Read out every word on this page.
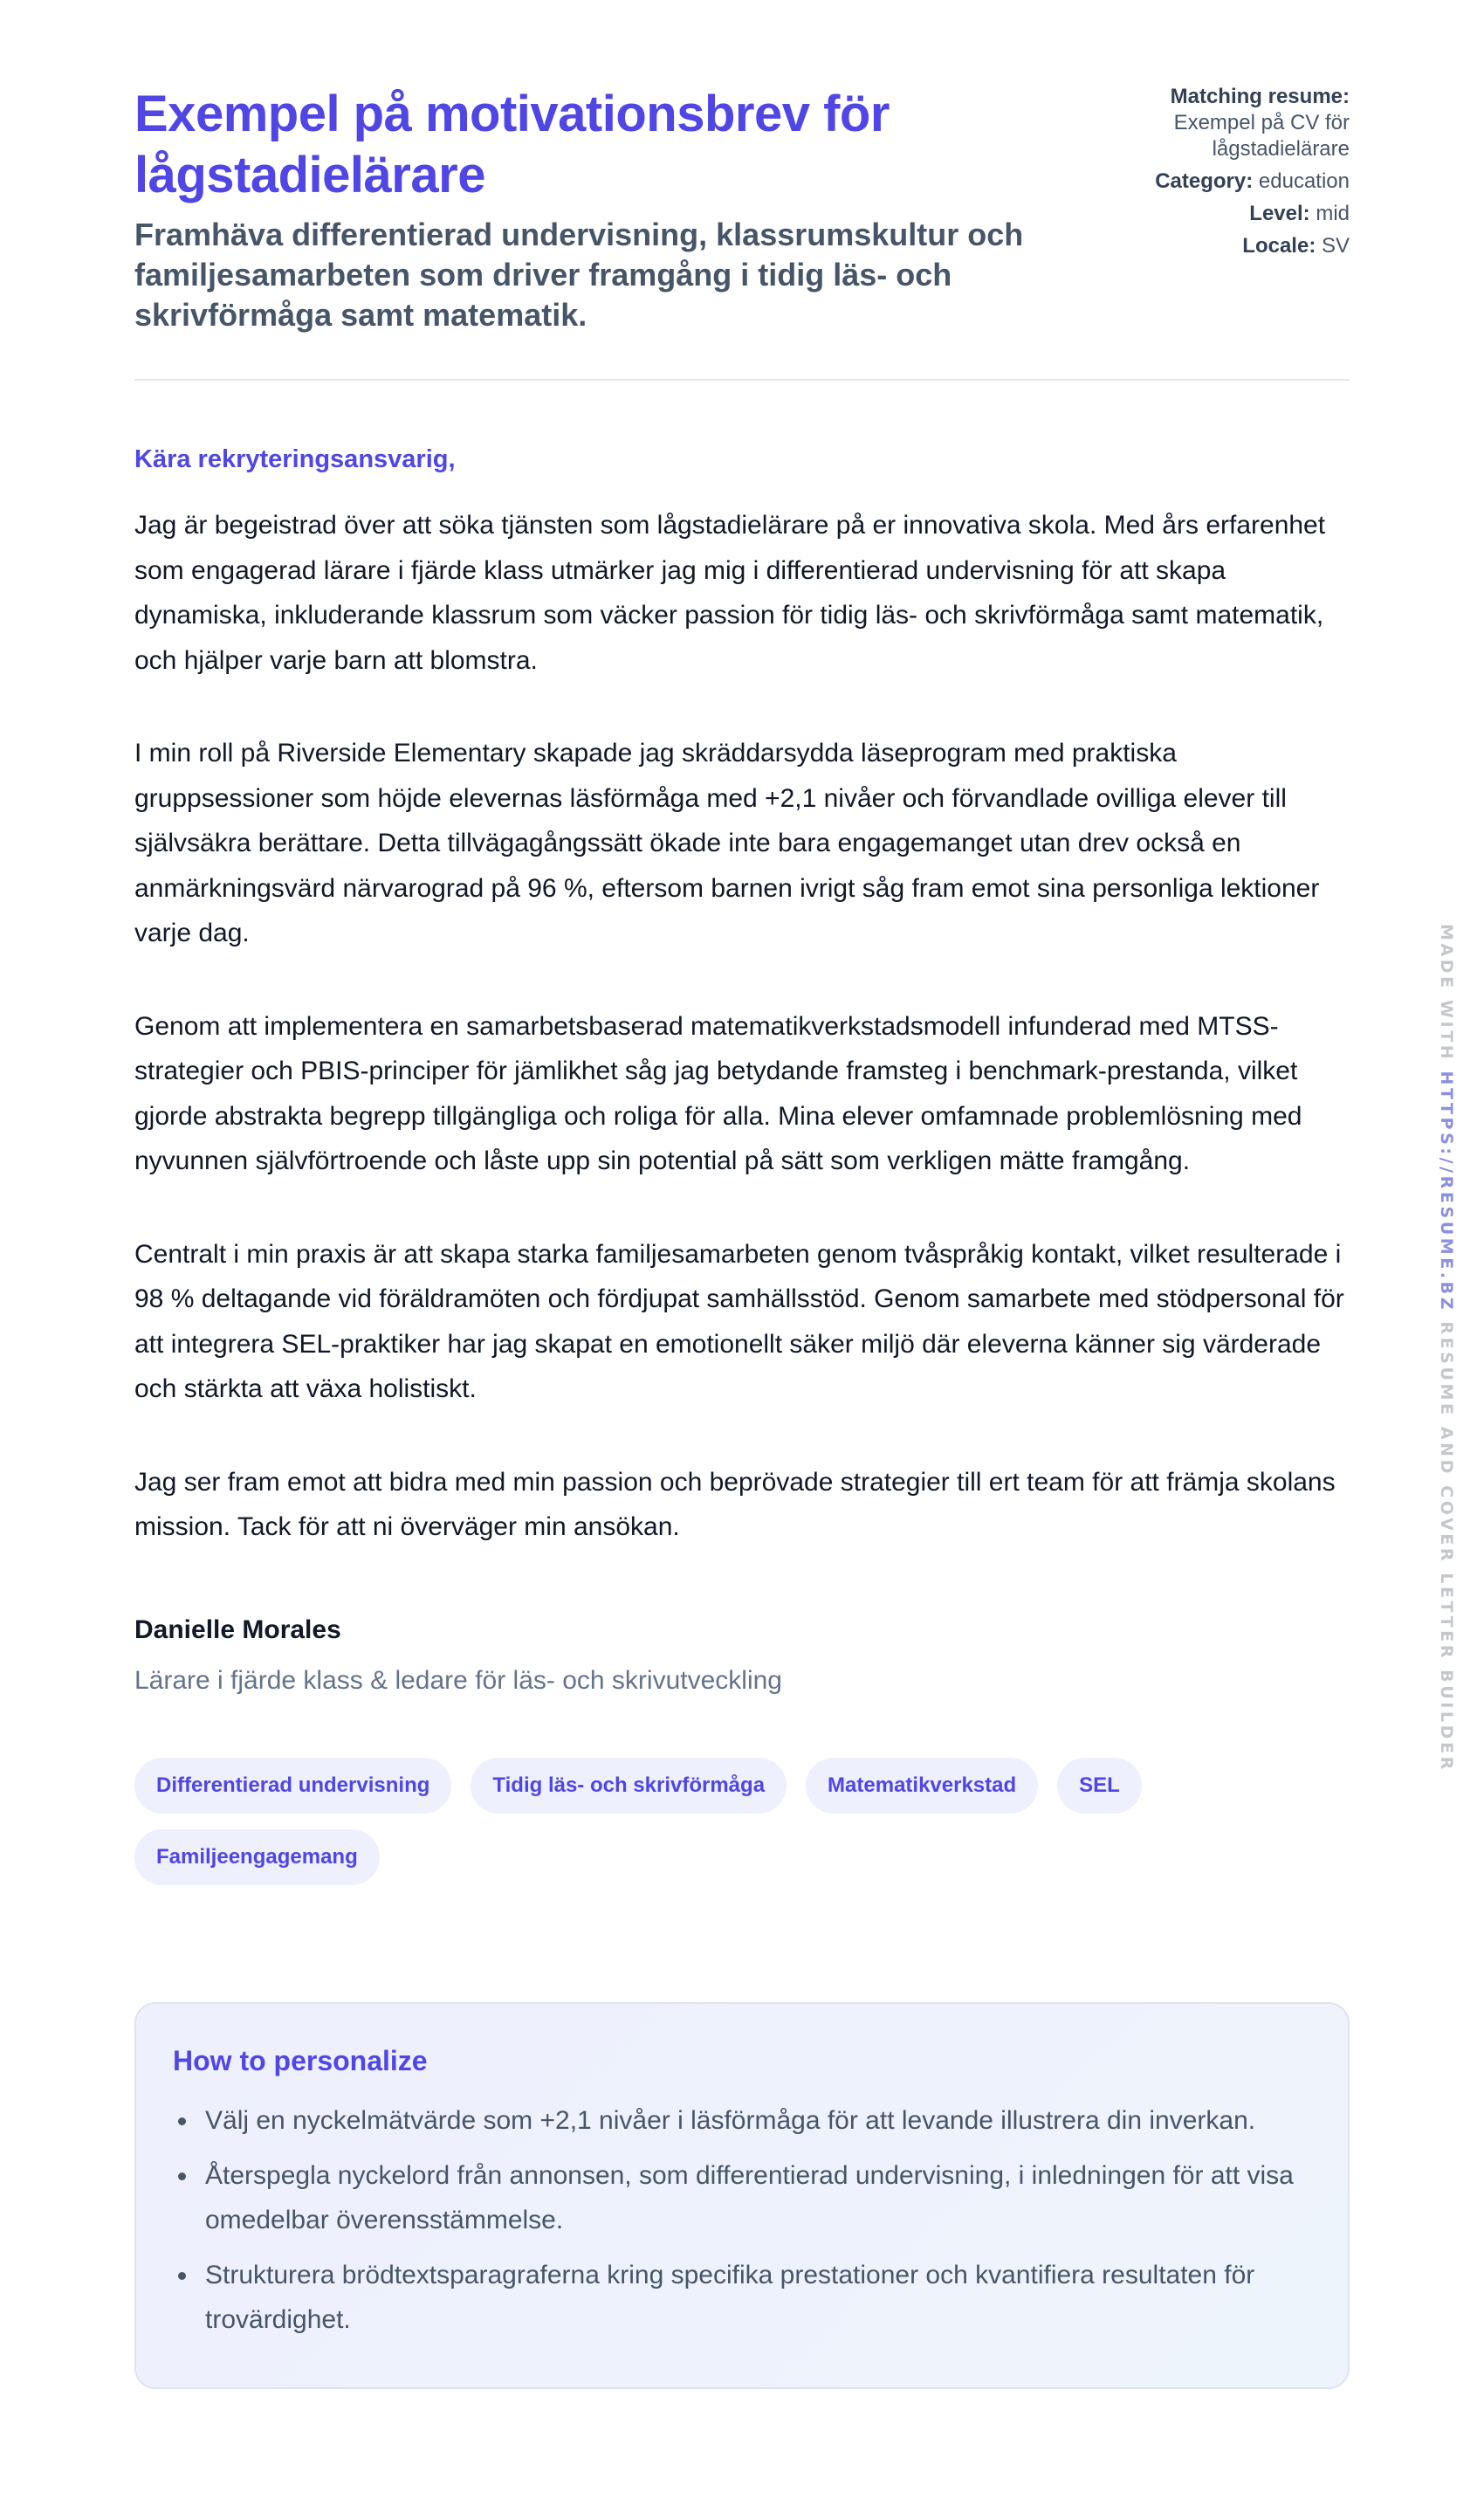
Exempel på motivationsbrev för lågstadielärare

Framhäva differentierad undervisning, klassrumskultur och familjesamarbeten som driver framgång i tidig läs- och skrivförmåga samt matematik.

Matching resume:
Exempel på CV för lågstadielärare
Category: education
Level: mid
Locale: SV

Kära rekryteringsansvarig,

Jag är begeistrad över att söka tjänsten som lågstadielärare på er innovativa skola. Med års erfarenhet som engagerad lärare i fjärde klass utmärker jag mig i differentierad undervisning för att skapa dynamiska, inkluderande klassrum som väcker passion för tidig läs- och skrivförmåga samt matematik, och hjälper varje barn att blomstra.

I min roll på Riverside Elementary skapade jag skräddarsydda läseprogram med praktiska gruppsessioner som höjde elevernas läsförmåga med +2,1 nivåer och förvandlade ovilliga elever till självsäkra berättare. Detta tillvägagångssätt ökade inte bara engagemanget utan drev också en anmärkningsvärd närvarograd på 96 %, eftersom barnen ivrigt såg fram emot sina personliga lektioner varje dag.

Genom att implementera en samarbetsbaserad matematikverkstadsmodell infunderad med MTSS-strategier och PBIS-principer för jämlikhet såg jag betydande framsteg i benchmark-prestanda, vilket gjorde abstrakta begrepp tillgängliga och roliga för alla. Mina elever omfamnade problemlösning med nyvunnen självförtroende och låste upp sin potential på sätt som verkligen mätte framgång.

Centralt i min praxis är att skapa starka familjesamarbeten genom tvåspråkig kontakt, vilket resulterade i 98 % deltagande vid föräldramöten och fördjupat samhällsstöd. Genom samarbete med stödpersonal för att integrera SEL-praktiker har jag skapat en emotionellt säker miljö där eleverna känner sig värderade och stärkta att växa holistiskt.

Jag ser fram emot att bidra med min passion och beprövade strategier till ert team för att främja skolans mission. Tack för att ni överväger min ansökan.

Danielle Morales

Lärare i fjärde klass & ledare för läs- och skrivutveckling

Differentierad undervisning	Tidig läs- och skrivförmåga	Matematikverkstad	SEL
Familjeengagemang
How to personalize
Välj en nyckelmätvärde som +2,1 nivåer i läsförmåga för att levande illustrera din inverkan.
Återspegla nyckelord från annonsen, som differentierad undervisning, i inledningen för att visa omedelbar överensstämmelse.
Strukturera brödtextsparagraferna kring specifika prestationer och kvantifiera resultaten för trovärdighet.
MADE WITH HTTPS://RESUME.BZ RESUME AND COVER LETTER BUILDER
